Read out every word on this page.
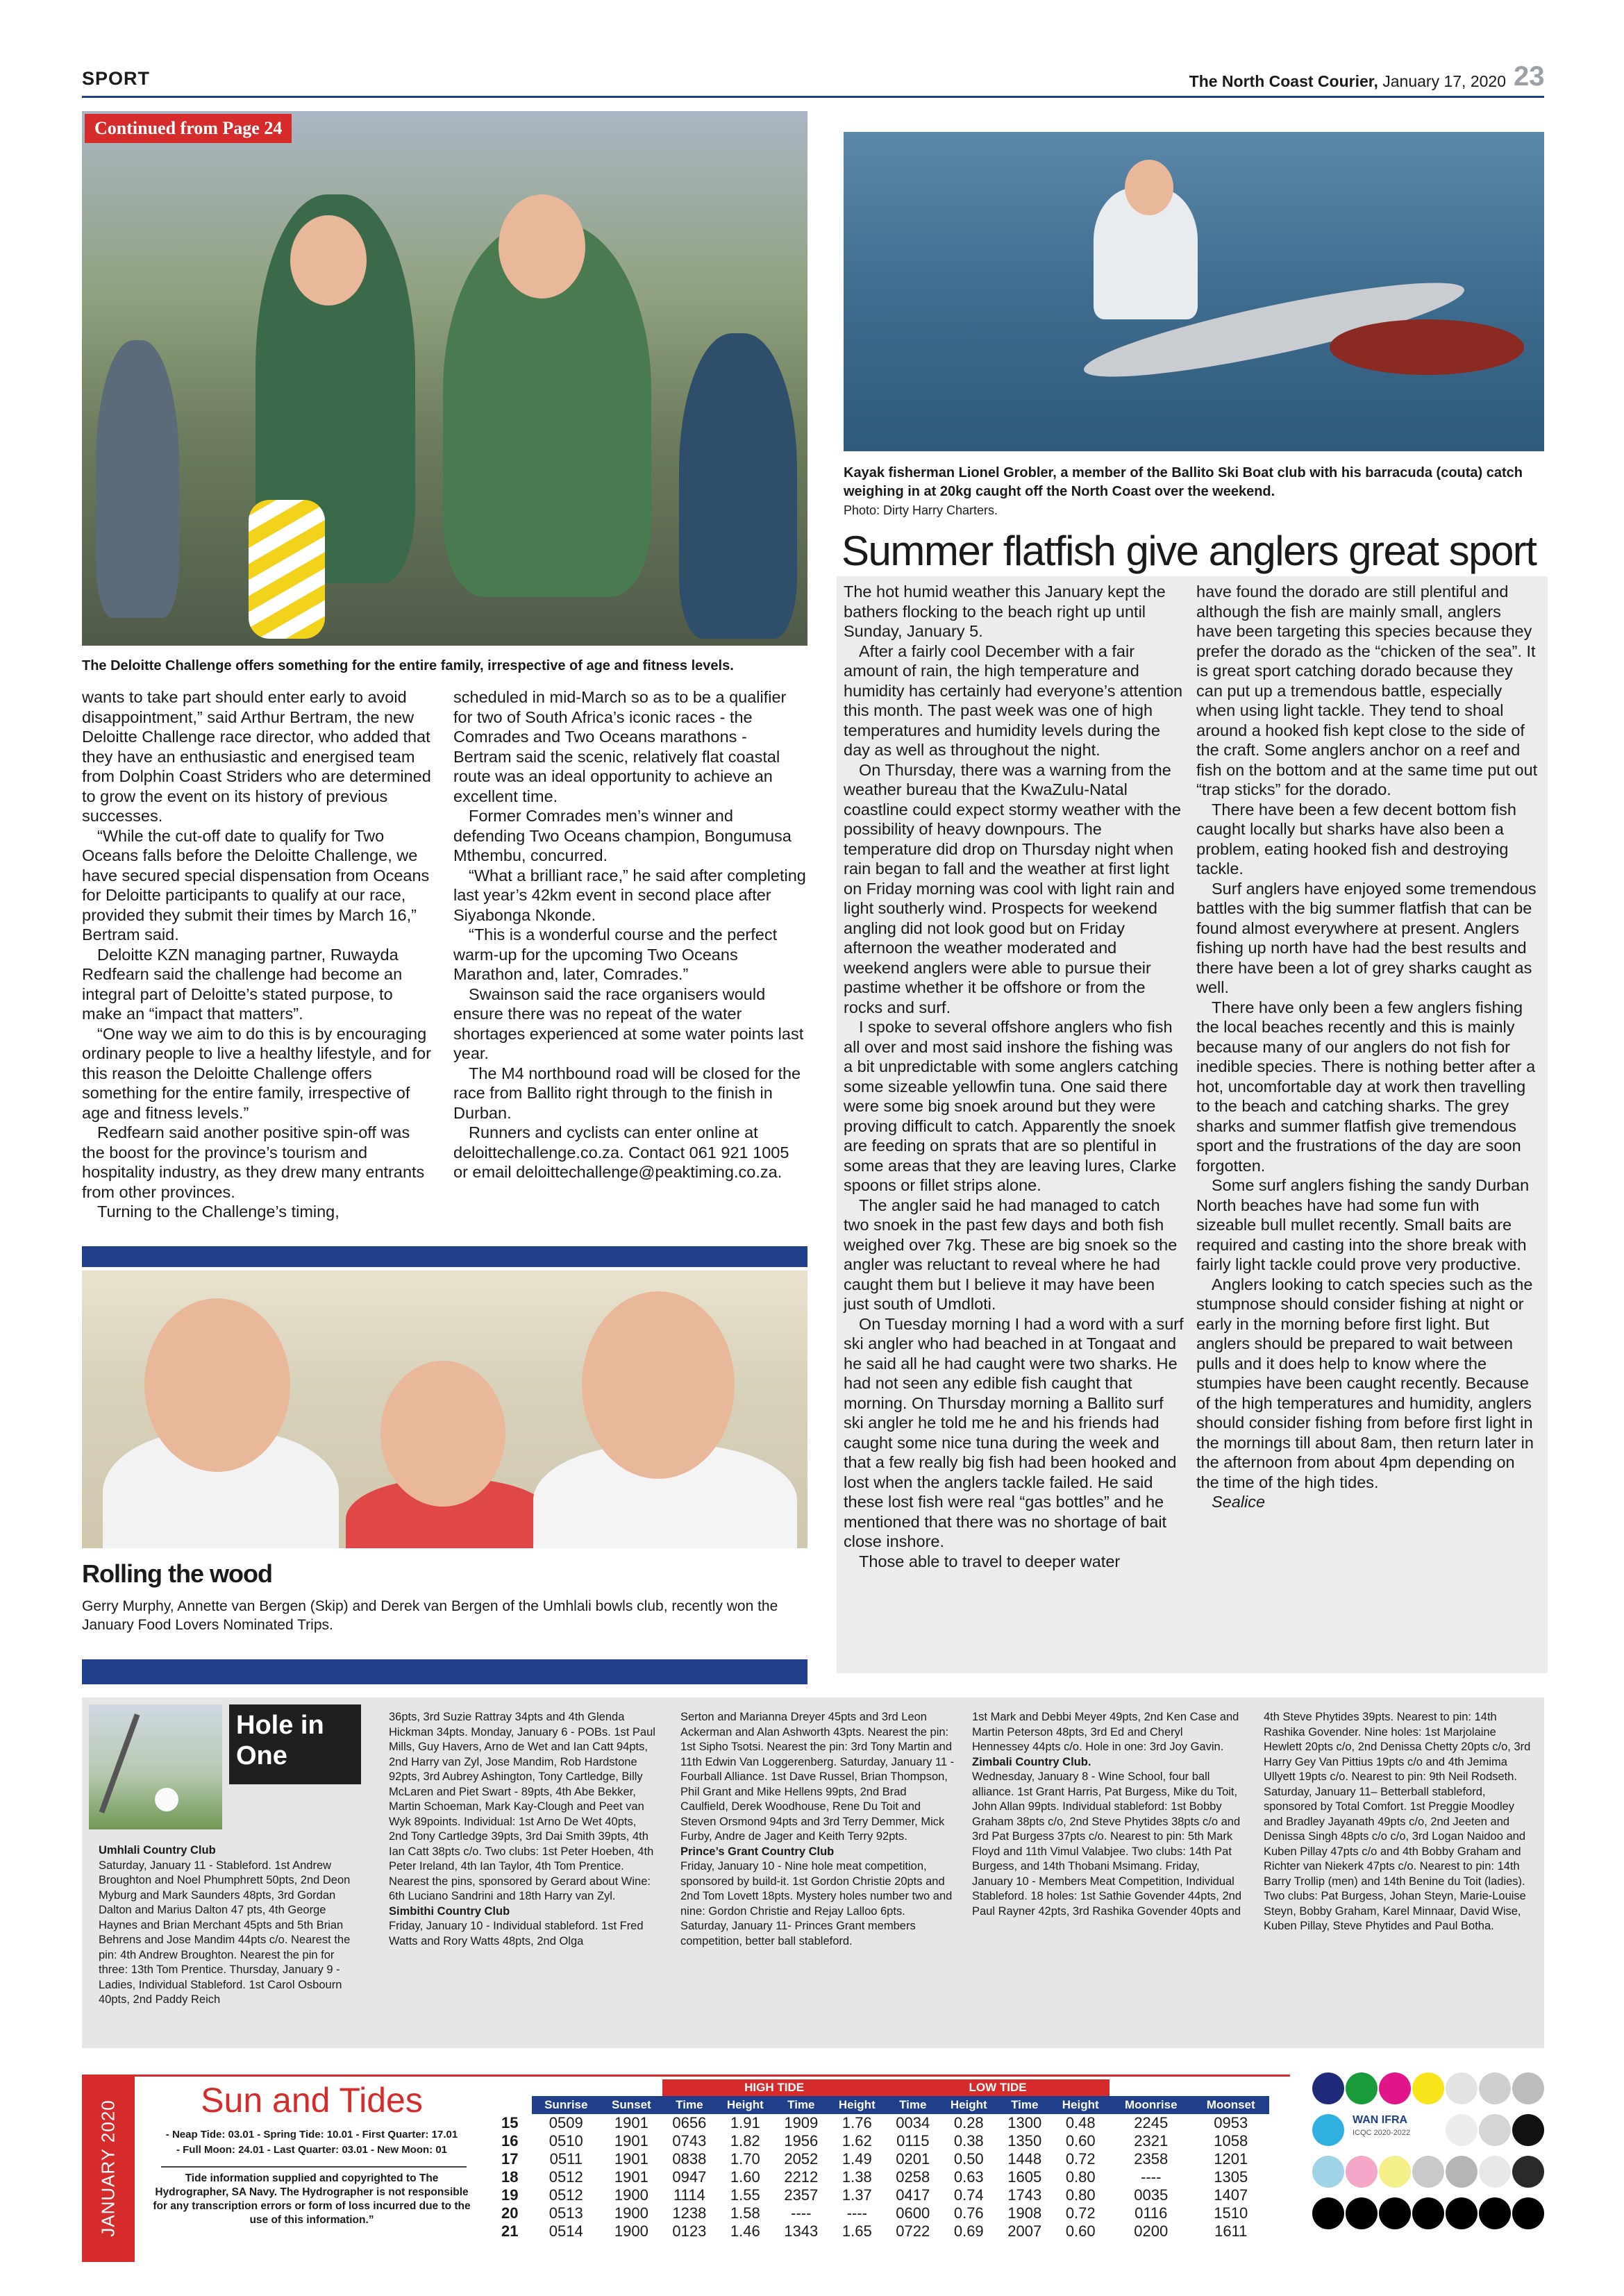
SPORT	The North Coast Courier, January 17, 2020 23
Continued from Page 24
The Deloitte Challenge offers something for the entire family, irrespective of age and fitness levels.

wants to take part should enter early to avoid disappointment,” said Arthur Bertram, the new Deloitte Challenge race director, who added that they have an enthusiastic and energised team from Dolphin Coast Striders who are determined to grow the event on its history of previous successes.

“While the cut-off date to qualify for Two Oceans falls before the Deloitte Challenge, we have secured special dispensation from Oceans for Deloitte participants to qualify at our race, provided they submit their times by March 16,” Bertram said.

Deloitte KZN managing partner, Ruwayda Redfearn said the challenge had become an integral part of Deloitte’s stated purpose, to make an “impact that matters”.

“One way we aim to do this is by encouraging ordinary people to live a healthy lifestyle, and for this reason the Deloitte Challenge offers something for the entire family, irrespective of age and fitness levels.”

Redfearn said another positive spin-off was the boost for the province’s tourism and hospitality industry, as they drew many entrants from other provinces.

Turning to the Challenge’s timing,

scheduled in mid-March so as to be a qualifier for two of South Africa’s iconic races - the Comrades and Two Oceans marathons - Bertram said the scenic, relatively flat coastal route was an ideal opportunity to achieve an excellent time.

Former Comrades men’s winner and defending Two Oceans champion, Bongumusa Mthembu, concurred.

“What a brilliant race,” he said after completing last year’s 42km event in second place after Siyabonga Nkonde.

“This is a wonderful course and the perfect warm-up for the upcoming Two Oceans Marathon and, later, Comrades.”

Swainson said the race organisers would ensure there was no repeat of the water shortages experienced at some water points last year.

The M4 northbound road will be closed for the race from Ballito right through to the finish in Durban.

Runners and cyclists can enter online at deloittechallenge.co.za. Contact 061 921 1005 or email deloittechallenge@peaktiming.co.za.

Rolling the wood
Gerry Murphy, Annette van Bergen (Skip) and Derek van Bergen of the Umhlali bowls club, recently won the January Food Lovers Nominated Trips.
Kayak fisherman Lionel Grobler, a member of the Ballito Ski Boat club with his barracuda (couta) catch weighing in at 20kg caught off the North Coast over the weekend.
Photo: Dirty Harry Charters.
Summer flatfish give anglers great sport

The hot humid weather this January kept the bathers flocking to the beach right up until Sunday, January 5.

After a fairly cool December with a fair amount of rain, the high temperature and humidity has certainly had everyone’s attention this month. The past week was one of high temperatures and humidity levels during the day as well as throughout the night.

On Thursday, there was a warning from the weather bureau that the KwaZulu-Natal coastline could expect stormy weather with the possibility of heavy downpours. The temperature did drop on Thursday night when rain began to fall and the weather at first light on Friday morning was cool with light rain and light southerly wind. Prospects for weekend angling did not look good but on Friday afternoon the weather moderated and weekend anglers were able to pursue their pastime whether it be offshore or from the rocks and surf.

I spoke to several offshore anglers who fish all over and most said inshore the fishing was a bit unpredictable with some anglers catching some sizeable yellowfin tuna. One said there were some big snoek around but they were proving difficult to catch. Apparently the snoek are feeding on sprats that are so plentiful in some areas that they are leaving lures, Clarke spoons or fillet strips alone.

The angler said he had managed to catch two snoek in the past few days and both fish weighed over 7kg. These are big snoek so the angler was reluctant to reveal where he had caught them but I believe it may have been just south of Umdloti.

On Tuesday morning I had a word with a surf ski angler who had beached in at Tongaat and he said all he had caught were two sharks. He had not seen any edible fish caught that morning. On Thursday morning a Ballito surf ski angler he told me he and his friends had caught some nice tuna during the week and that a few really big fish had been hooked and lost when the anglers tackle failed. He said these lost fish were real “gas bottles” and he mentioned that there was no shortage of bait close inshore.

Those able to travel to deeper water

have found the dorado are still plentiful and although the fish are mainly small, anglers have been targeting this species because they prefer the dorado as the “chicken of the sea”. It is great sport catching dorado because they can put up a tremendous battle, especially when using light tackle. They tend to shoal around a hooked fish kept close to the side of the craft. Some anglers anchor on a reef and fish on the bottom and at the same time put out “trap sticks” for the dorado.

There have been a few decent bottom fish caught locally but sharks have also been a problem, eating hooked fish and destroying tackle.

Surf anglers have enjoyed some tremendous battles with the big summer flatfish that can be found almost everywhere at present. Anglers fishing up north have had the best results and there have been a lot of grey sharks caught as well.

There have only been a few anglers fishing the local beaches recently and this is mainly because many of our anglers do not fish for inedible species. There is nothing better after a hot, uncomfortable day at work then travelling to the beach and catching sharks. The grey sharks and summer flatfish give tremendous sport and the frustrations of the day are soon forgotten.

Some surf anglers fishing the sandy Durban North beaches have had some fun with sizeable bull mullet recently. Small baits are required and casting into the shore break with fairly light tackle could prove very productive.

Anglers looking to catch species such as the stumpnose should consider fishing at night or early in the morning before first light. But anglers should be prepared to wait between pulls and it does help to know where the stumpies have been caught recently. Because of the high temperatures and humidity, anglers should consider fishing from before first light in the mornings till about 8am, then return later in the afternoon from about 4pm depending on the time of the high tides.

Sealice

Hole in One
Umhlali Country Club
Saturday, January 11 - Stableford. 1st Andrew Broughton and Noel Phumphrett 50pts, 2nd Deon Myburg and Mark Saunders 48pts, 3rd Gordan Dalton and Marius Dalton 47 pts, 4th George Haynes and Brian Merchant 45pts and 5th Brian Behrens and Jose Mandim 44pts c/o. Nearest the pin: 4th Andrew Broughton. Nearest the pin for three: 13th Tom Prentice. Thursday, January 9 - Ladies, Individual Stableford. 1st Carol Osbourn 40pts, 2nd Paddy Reich
36pts, 3rd Suzie Rattray 34pts and 4th Glenda Hickman 34pts. Monday, January 6 - POBs. 1st Paul Mills, Guy Havers, Arno de Wet and Ian Catt 94pts, 2nd Harry van Zyl, Jose Mandim, Rob Hardstone 92pts, 3rd Aubrey Ashington, Tony Cartledge, Billy McLaren and Piet Swart - 89pts, 4th Abe Bekker, Martin Schoeman, Mark Kay-Clough and Peet van Wyk 89points. Individual: 1st Arno De Wet 40pts, 2nd Tony Cartledge 39pts, 3rd Dai Smith 39pts, 4th Ian Catt 38pts c/o. Two clubs: 1st Peter Hoeben, 4th Peter Ireland, 4th Ian Taylor, 4th Tom Prentice. Nearest the pins, sponsored by Gerard about Wine: 6th Luciano Sandrini and 18th Harry van Zyl.
Simbithi Country Club
Friday, January 10 - Individual stableford. 1st Fred Watts and Rory Watts 48pts, 2nd Olga
Serton and Marianna Dreyer 45pts and 3rd Leon Ackerman and Alan Ashworth 43pts. Nearest the pin: 1st Sipho Tsotsi. Nearest the pin: 3rd Tony Martin and 11th Edwin Van Loggerenberg. Saturday, January 11 - Fourball Alliance. 1st Dave Russel, Brian Thompson, Phil Grant and Mike Hellens 99pts, 2nd Brad Caulfield, Derek Woodhouse, Rene Du Toit and Steven Orsmond 94pts and 3rd Terry Demmer, Mick Furby, Andre de Jager and Keith Terry 92pts.
Prince’s Grant Country Club
Friday, January 10 - Nine hole meat competition, sponsored by build-it. 1st Gordon Christie 20pts and 2nd Tom Lovett 18pts. Mystery holes number two and nine: Gordon Christie and Rejay Lalloo 6pts. Saturday, January 11- Princes Grant members competition, better ball stableford.
1st Mark and Debbi Meyer 49pts, 2nd Ken Case and Martin Peterson 48pts, 3rd Ed and Cheryl Hennessey 44pts c/o. Hole in one: 3rd Joy Gavin.
Zimbali Country Club.
Wednesday, January 8 - Wine School, four ball alliance. 1st Grant Harris, Pat Burgess, Mike du Toit, John Allan 99pts. Individual stableford: 1st Bobby Graham 38pts c/o, 2nd Steve Phytides 38pts c/o and 3rd Pat Burgess 37pts c/o. Nearest to pin: 5th Mark Floyd and 11th Vimul Valabjee. Two clubs: 14th Pat Burgess, and 14th Thobani Msimang. Friday, January 10 - Members Meat Competition, Individual Stableford. 18 holes: 1st Sathie Govender 44pts, 2nd Paul Rayner 42pts, 3rd Rashika Govender 40pts and
4th Steve Phytides 39pts. Nearest to pin: 14th Rashika Govender. Nine holes: 1st Marjolaine Hewlett 20pts c/o, 2nd Denissa Chetty 20pts c/o, 3rd Harry Gey Van Pittius 19pts c/o and 4th Jemima Ullyett 19pts c/o. Nearest to pin: 9th Neil Rodseth. Saturday, January 11– Betterball stableford, sponsored by Total Comfort. 1st Preggie Moodley and Bradley Jayanath 49pts c/o, 2nd Jeeten and Denissa Singh 48pts c/o c/o, 3rd Logan Naidoo and Kuben Pillay 47pts c/o and 4th Bobby Graham and Richter van Niekerk 47pts c/o. Nearest to pin: 14th Barry Trollip (men) and 14th Benine du Toit (ladies). Two clubs: Pat Burgess, Johan Steyn, Marie-Louise Steyn, Bobby Graham, Karel Minnaar, David Wise, Kuben Pillay, Steve Phytides and Paul Botha.
JANUARY 2020	Sun and Tides
- Neap Tide: 03.01 - Spring Tide: 10.01 - First Quarter: 17.01
- Full Moon: 24.01 - Last Quarter: 03.01 - New Moon: 01
Tide information supplied and copyrighted to The Hydrographer, SA Navy. The Hydrographer is not responsible for any transcription errors or form of loss incurred due to the use of this information.”
			HIGH TIDE				LOW TIDE					
	Sunrise	Sunset	Time	Height	Time	Height	Time	Height	Time	Height	Moonrise	Moonset
15	0509	1901	0656	1.91	1909	1.76	0034	0.28	1300	0.48	2245	0953
16	0510	1901	0743	1.82	1956	1.62	0115	0.38	1350	0.60	2321	1058
17	0511	1901	0838	1.70	2052	1.49	0201	0.50	1448	0.72	2358	1201
18	0512	1901	0947	1.60	2212	1.38	0258	0.63	1605	0.80	----	1305
19	0512	1900	1114	1.55	2357	1.37	0417	0.74	1743	0.80	0035	1407
20	0513	1900	1238	1.58	----	----	0600	0.76	1908	0.72	0116	1510
21	0514	1900	0123	1.46	1343	1.65	0722	0.69	2007	0.60	0200	1611
WAN IFRA
ICQC 2020-2022
